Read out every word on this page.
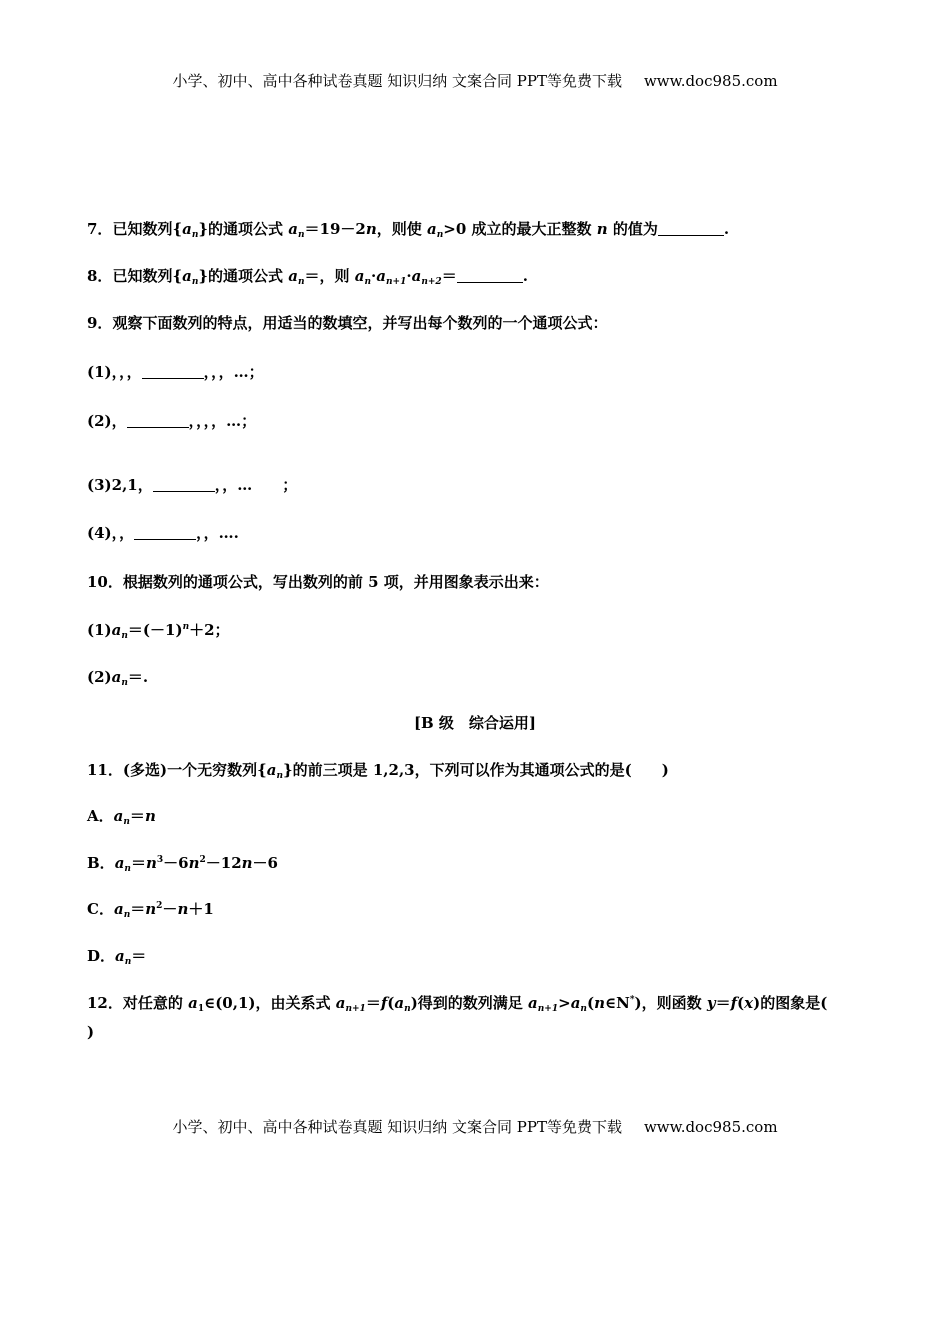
小学、初中、高中各种试卷真题 知识归纳 文案合同 PPT等免费下载 www.doc985.com
7．已知数列$\{a_n\}$的通项公式 $a_n=19-2n$，则使 $a_n>0$ 成立的最大正整数 n 的值为	.
8．已知数列$\{a_n\}$的通项公式 $a_n=$，则 $a_n\cdot a_{n+1}\cdot a_{n+2}=$	.
9．观察下面数列的特点，用适当的数填空，并写出每个数列的一个通项公式：
(1)，，，	，，，…；
(2)，	，，，，…；
(3)2,1，	，，… ；
(4)，，	，，….
10．根据数列的通项公式，写出数列的前 5 项，并用图象表示出来：
$(1)a_n=(-1)^n+2$；
$(2)a_n=$.
[B 级　综合运用]
11．(多选)一个无穷数列$\{a_n\}$的前三项是 1,2,3，下列可以作为其通项公式的是(　　)
A．$a_n=n$
B．$a_n=n^3-6n^2-12n-6$
C．$a_n=n^2-n+1$
D．$a_n=$
12．对任意的 $a_1\in(0,1)$，由关系式 $a_{n+1}=f(a_n)$得到的数列满足 $a_{n+1}>a_n(n\in N^*)$，则函数 y＝f(x)的图象是(
)
小学、初中、高中各种试卷真题 知识归纳 文案合同 PPT等免费下载 www.doc985.com
